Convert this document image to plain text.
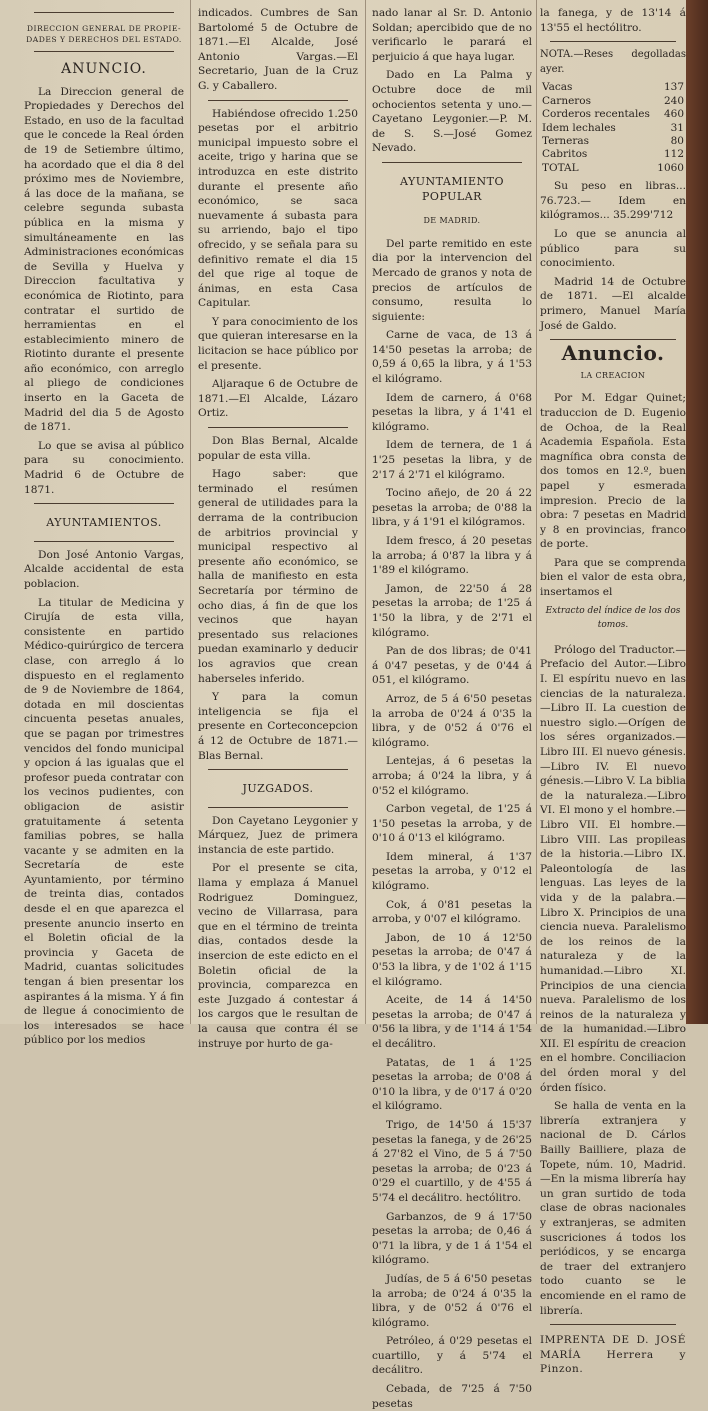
DIRECCION GENERAL DE PROPIE- DADES Y DERECHOS DEL ESTADO.
ANUNCIO.

La Direccion general de Propiedades y Derechos del Estado, en uso de la facultad que le concede la Real órden de 19 de Setiembre último, ha acordado que el dia 8 del próximo mes de Noviembre, á las doce de la mañana, se celebre segunda subasta pública en la misma y simultáneamente en las Administraciones económicas de Sevilla y Huelva y Direccion facultativa y económica de Riotinto, para contratar el surtido de herramientas en el establecimiento minero de Riotinto durante el presente año económico, con arreglo al pliego de condiciones inserto en la Gaceta de Madrid del dia 5 de Agosto de 1871.

Lo que se avisa al público para su conocimiento. Madrid 6 de Octubre de 1871.

AYUNTAMIENTOS.

Don José Antonio Vargas, Alcalde accidental de esta poblacion.

La titular de Medicina y Cirujía de esta villa, consistente en partido Médico-quirúrgico de tercera clase, con arreglo á lo dispuesto en el reglamento de 9 de Noviembre de 1864, dotada en mil doscientas cincuenta pesetas anuales, que se pagan por trimestres vencidos del fondo municipal y opcion á las igualas que el profesor pueda contratar con los vecinos pudientes, con obligacion de asistir gratuitamente á setenta familias pobres, se halla vacante y se admiten en la Secretaría de este Ayuntamiento, por término de treinta dias, contados desde el en que aparezca el presente anuncio inserto en el Boletin oficial de la provincia y Gaceta de Madrid, cuantas solicitudes tengan á bien presentar los aspirantes á la misma. Y á fin de llegue á conocimiento de los interesados se hace público por los medios

indicados. Cumbres de San Bartolomé 5 de Octubre de 1871.—El Alcalde, José Antonio Vargas.—El Secretario, Juan de la Cruz G. y Caballero.

Habiéndose ofrecido 1.250 pesetas por el arbitrio municipal impuesto sobre el aceite, trigo y harina que se introduzca en este distrito durante el presente año económico, se saca nuevamente á subasta para su arriendo, bajo el tipo ofrecido, y se señala para su definitivo remate el dia 15 del que rige al toque de ánimas, en esta Casa Capitular.

Y para conocimiento de los que quieran interesarse en la licitacion se hace público por el presente.

Aljaraque 6 de Octubre de 1871.—El Alcalde, Lázaro Ortiz.

Don Blas Bernal, Alcalde popular de esta villa.

Hago saber: que terminado el resúmen general de utilidades para la derrama de la contribucion de arbitrios provincial y municipal respectivo al presente año económico, se halla de manifiesto en esta Secretaría por término de ocho dias, á fin de que los vecinos que hayan presentado sus relaciones puedan examinarlo y deducir los agravios que crean haberseles inferido.

Y para la comun inteligencia se fija el presente en Corteconcepcion á 12 de Octubre de 1871.—Blas Bernal.

JUZGADOS.

Don Cayetano Leygonier y Márquez, Juez de primera instancia de este partido.

Por el presente se cita, llama y emplaza á Manuel Rodriguez Dominguez, vecino de Villarrasa, para que en el término de treinta dias, contados desde la insercion de este edicto en el Boletin oficial de la provincia, comparezca en este Juzgado á contestar á los cargos que le resultan de la causa que contra él se instruye por hurto de ga-

nado lanar al Sr. D. Antonio Soldan; apercibido que de no verificarlo le parará el perjuicio á que haya lugar.

Dado en La Palma y Octubre doce de mil ochocientos setenta y uno.—Cayetano Leygonier.—P. M. de S. S.—José Gomez Nevado.

AYUNTAMIENTO POPULAR
DE MADRID.

Del parte remitido en este dia por la intervencion del Mercado de granos y nota de precios de artículos de consumo, resulta lo siguiente:

Carne de vaca, de 13 á 14'50 pesetas la arroba; de 0,59 á 0,65 la libra, y á 1'53 el kilógramo.

Idem de carnero, á 0'68 pesetas la libra, y á 1'41 el kilógramo.

Idem de ternera, de 1 á 1'25 pesetas la libra, y de 2'17 á 2'71 el kilógramo.

Tocino añejo, de 20 á 22 pesetas la arroba; de 0'88 la libra, y á 1'91 el kilógramos.

Idem fresco, á 20 pesetas la arroba; á 0'87 la libra y á 1'89 el kilógramo.

Jamon, de 22'50 á 28 pesetas la arroba; de 1'25 á 1'50 la libra, y de 2'71 el kilógramo.

Pan de dos libras; de 0'41 á 0'47 pesetas, y de 0'44 á 051, el kilógramo.

Arroz, de 5 á 6'50 pesetas la arroba de 0'24 á 0'35 la libra, y de 0'52 á 0'76 el kilógramo.

Lentejas, á 6 pesetas la arroba; á 0'24 la libra, y á 0'52 el kilógramo.

Carbon vegetal, de 1'25 á 1'50 pesetas la arroba, y de 0'10 á 0'13 el kilógramo.

Idem mineral, á 1'37 pesetas la arroba, y 0'12 el kilógramo.

Cok, á 0'81 pesetas la arroba, y 0'07 el kilógramo.

Jabon, de 10 á 12'50 pesetas la arroba; de 0'47 á 0'53 la libra, y de 1'02 á 1'15 el kilógramo.

Aceite, de 14 á 14'50 pesetas la arroba; de 0'47 á 0'56 la libra, y de 1'14 á 1'54 el decálitro.

Patatas, de 1 á 1'25 pesetas la arroba; de 0'08 á 0'10 la libra, y de 0'17 á 0'20 el kilógramo.

Trigo, de 14'50 á 15'37 pesetas la fanega, y de 26'25 á 27'82 el Vino, de 5 á 7'50 pesetas la arroba; de 0'23 á 0'29 el cuartillo, y de 4'55 á 5'74 el decálitro. hectólitro.

Garbanzos, de 9 á 17'50 pesetas la arroba; de 0,46 á 0'71 la libra, y de 1 á 1'54 el kilógramo.

Judías, de 5 á 6'50 pesetas la arroba; de 0'24 á 0'35 la libra, y de 0'52 á 0'76 el kilógramo.

Petróleo, á 0'29 pesetas el cuartillo, y á 5'74 el decálitro.

Cebada, de 7'25 á 7'50 pesetas

la fanega, y de 13'14 á 13'55 el hectólitro.

NOTA.—Reses degolladas ayer.

Vacas	137
Carneros	240
Corderos recentales	460
Idem lechales	31
Terneras	80
Cabritos	112
TOTAL	1060

Su peso en libras... 76.723.— Idem en kilógramos... 35.299'712

Lo que se anuncia al público para su conocimiento.

Madrid 14 de Octubre de 1871. —El alcalde primero, Manuel María José de Galdo.

Anuncio.
LA CREACION

Por M. Edgar Quinet; traduccion de D. Eugenio de Ochoa, de la Real Academia Española. Esta magnífica obra consta de dos tomos en 12.º, buen papel y esmerada impresion. Precio de la obra: 7 pesetas en Madrid y 8 en provincias, franco de porte.

Para que se comprenda bien el valor de esta obra, insertamos el

Extracto del índice de los dos tomos.

Prólogo del Traductor.—Prefacio del Autor.—Libro I. El espíritu nuevo en las ciencias de la naturaleza.—Libro II. La cuestion de nuestro siglo.—Orígen de los séres organizados.—Libro III. El nuevo génesis.—Libro IV. El nuevo génesis.—Libro V. La biblia de la naturaleza.—Libro VI. El mono y el hombre.—Libro VII. El hombre.—Libro VIII. Las propileas de la historia.—Libro IX. Paleontología de las lenguas. Las leyes de la vida y de la palabra.—Libro X. Principios de una ciencia nueva. Paralelismo de los reinos de la naturaleza y de la humanidad.—Libro XI. Principios de una ciencia nueva. Paralelismo de los reinos de la naturaleza y de la humanidad.—Libro XII. El espíritu de creacion en el hombre. Conciliacion del órden moral y del órden físico.

Se halla de venta en la librería extranjera y nacional de D. Cárlos Bailly Bailliere, plaza de Topete, núm. 10, Madrid.—En la misma librería hay un gran surtido de toda clase de obras nacionales y extranjeras, se admiten suscriciones á todos los periódicos, y se encarga de traer del extranjero todo cuanto se le encomiende en el ramo de librería.

IMPRENTA DE D. JOSÉ MARÍA Herrera y Pinzon.
